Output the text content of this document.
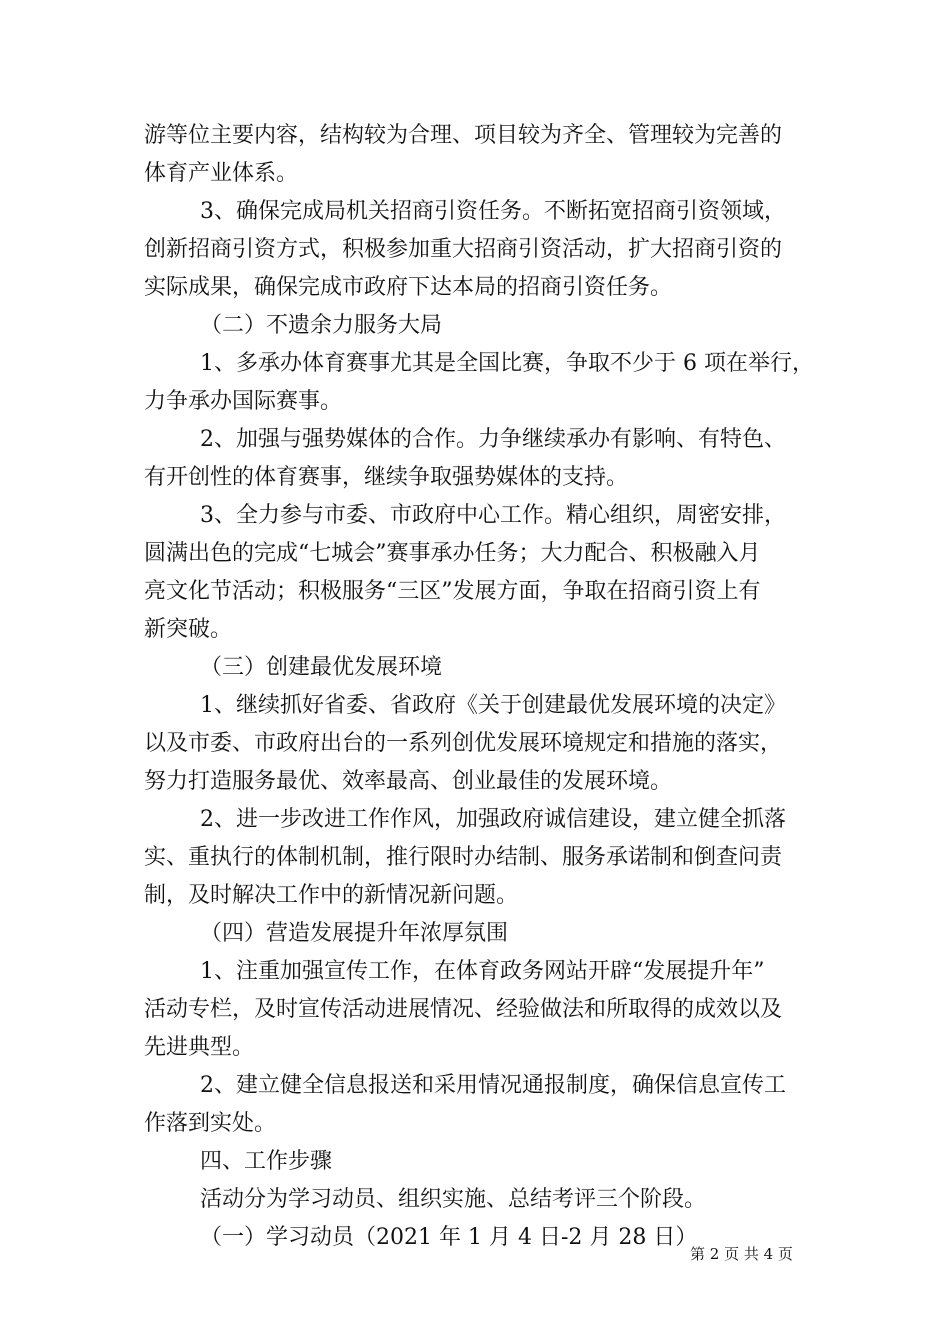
游等位主要内容，结构较为合理、项目较为齐全、管理较为完善的
体育产业体系。
3、确保完成局机关招商引资任务。不断拓宽招商引资领域，
创新招商引资方式，积极参加重大招商引资活动，扩大招商引资的
实际成果，确保完成市政府下达本局的招商引资任务。
（二）不遗余力服务大局
1、多承办体育赛事尤其是全国比赛，争取不少于 6 项在举行，
力争承办国际赛事。
2、加强与强势媒体的合作。力争继续承办有影响、有特色、
有开创性的体育赛事，继续争取强势媒体的支持。
3、全力参与市委、市政府中心工作。精心组织，周密安排，
圆满出色的完成“七城会”赛事承办任务；大力配合、积极融入月
亮文化节活动；积极服务“三区”发展方面，争取在招商引资上有
新突破。
（三）创建最优发展环境
1、继续抓好省委、省政府《关于创建最优发展环境的决定》
以及市委、市政府出台的一系列创优发展环境规定和措施的落实，
努力打造服务最优、效率最高、创业最佳的发展环境。
2、进一步改进工作作风，加强政府诚信建设，建立健全抓落
实、重执行的体制机制，推行限时办结制、服务承诺制和倒查问责
制，及时解决工作中的新情况新问题。
（四）营造发展提升年浓厚氛围
1、注重加强宣传工作，在体育政务网站开辟“发展提升年”
活动专栏，及时宣传活动进展情况、经验做法和所取得的成效以及
先进典型。
2、建立健全信息报送和采用情况通报制度，确保信息宣传工
作落到实处。
四、工作步骤
活动分为学习动员、组织实施、总结考评三个阶段。
（一）学习动员（2021 年 1 月 4 日-2 月 28 日）
第 2 页 共 4 页
